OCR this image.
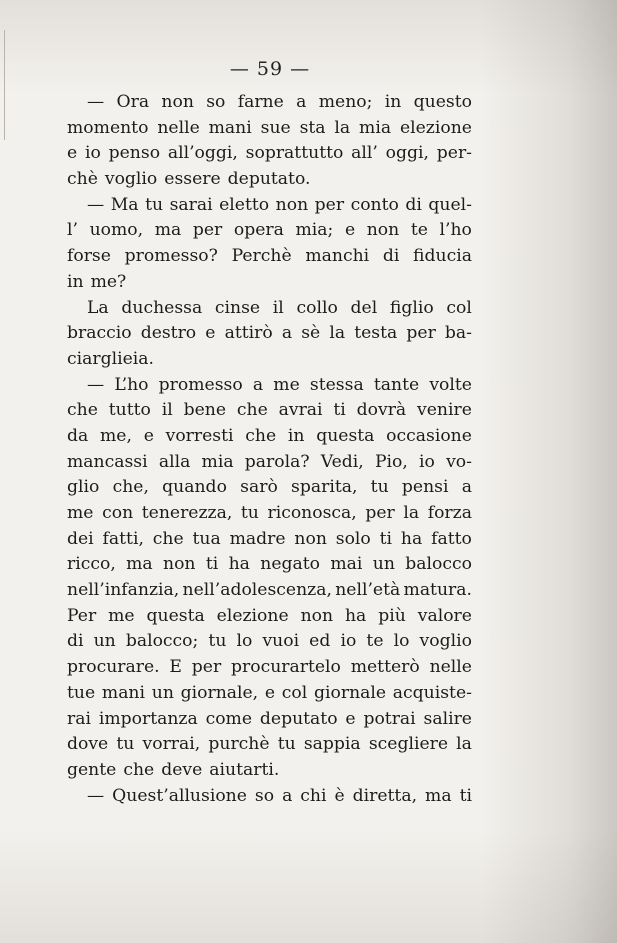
— 59 —
— Ora non so farne a meno; in questo
momento nelle mani sue sta la mia elezione
e io penso all’oggi, soprattutto all’ oggi, per-
chè voglio essere deputato.
— Ma tu sarai eletto non per conto di quel-
l’ uomo, ma per opera mia; e non te l’ho
forse promesso? Perchè manchi di fiducia
in me?
La duchessa cinse il collo del figlio col
braccio destro e attirò a sè la testa per ba-
ciarglieia.
— L’ho promesso a me stessa tante volte
che tutto il bene che avrai ti dovrà venire
da me, e vorresti che in questa occasione
mancassi alla mia parola? Vedi, Pio, io vo-
glio che, quando sarò sparita, tu pensi a
me con tenerezza, tu riconosca, per la forza
dei fatti, che tua madre non solo ti ha fatto
ricco, ma non ti ha negato mai un balocco
nell’infanzia, nell’adolescenza, nell’età matura.
Per me questa elezione non ha più valore
di un balocco; tu lo vuoi ed io te lo voglio
procurare. E per procurartelo metterò nelle
tue mani un giornale, e col giornale acquiste-
rai importanza come deputato e potrai salire
dove tu vorrai, purchè tu sappia scegliere la
gente che deve aiutarti.
— Quest’allusione so a chi è diretta, ma ti
